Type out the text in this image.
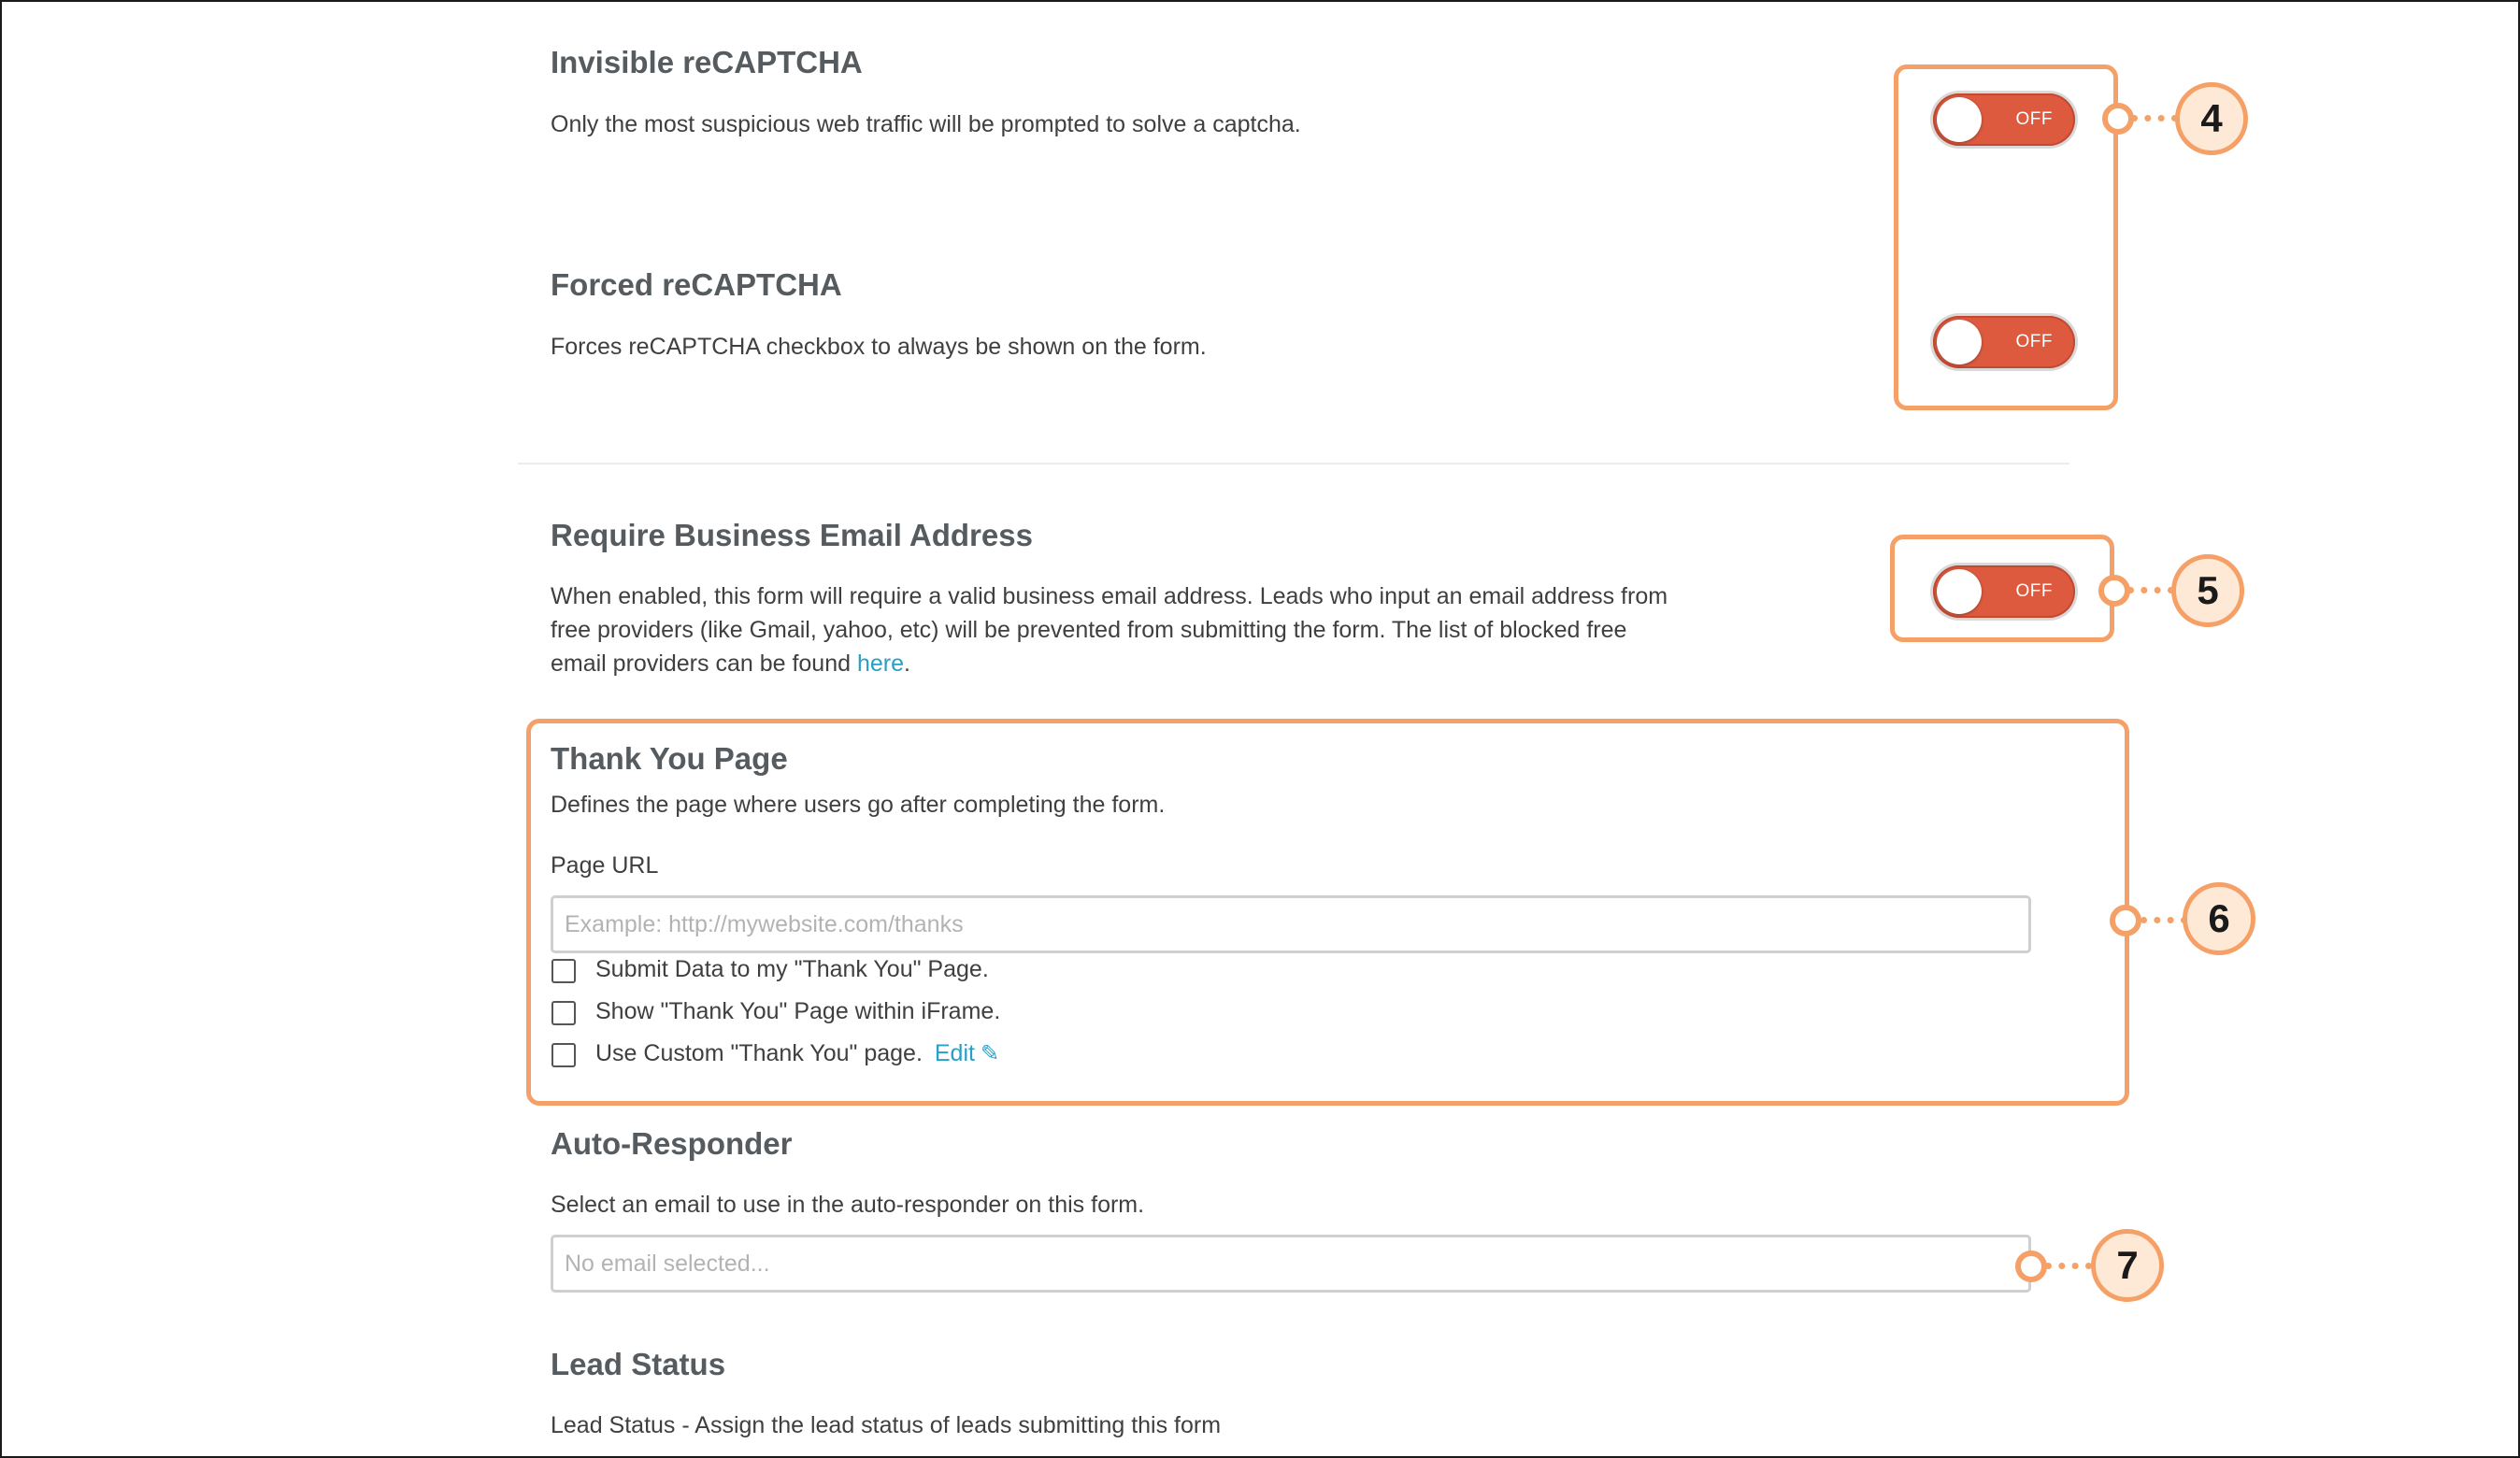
Invisible reCAPTCHA
Only the most suspicious web traffic will be prompted to solve a captcha.	OFF
Forced reCAPTCHA
Forces reCAPTCHA checkbox to always be shown on the form.	OFF
4
Require Business Email Address
When enabled, this form will require a valid business email address. Leads who input an email address from
free providers (like Gmail, yahoo, etc) will be prevented from submitting the form. The list of blocked free
email providers can be found here.
OFF	5
Thank You Page
Defines the page where users go after completing the form.
Page URL
Example: http://mywebsite.com/thanks
Submit Data to my "Thank You" Page.
Show "Thank You" Page within iFrame.
Use Custom "Thank You" page. Edit ✎
6
Auto-Responder
Select an email to use in the auto-responder on this form.
No email selected...	7
Lead Status
Lead Status - Assign the lead status of leads submitting this form
